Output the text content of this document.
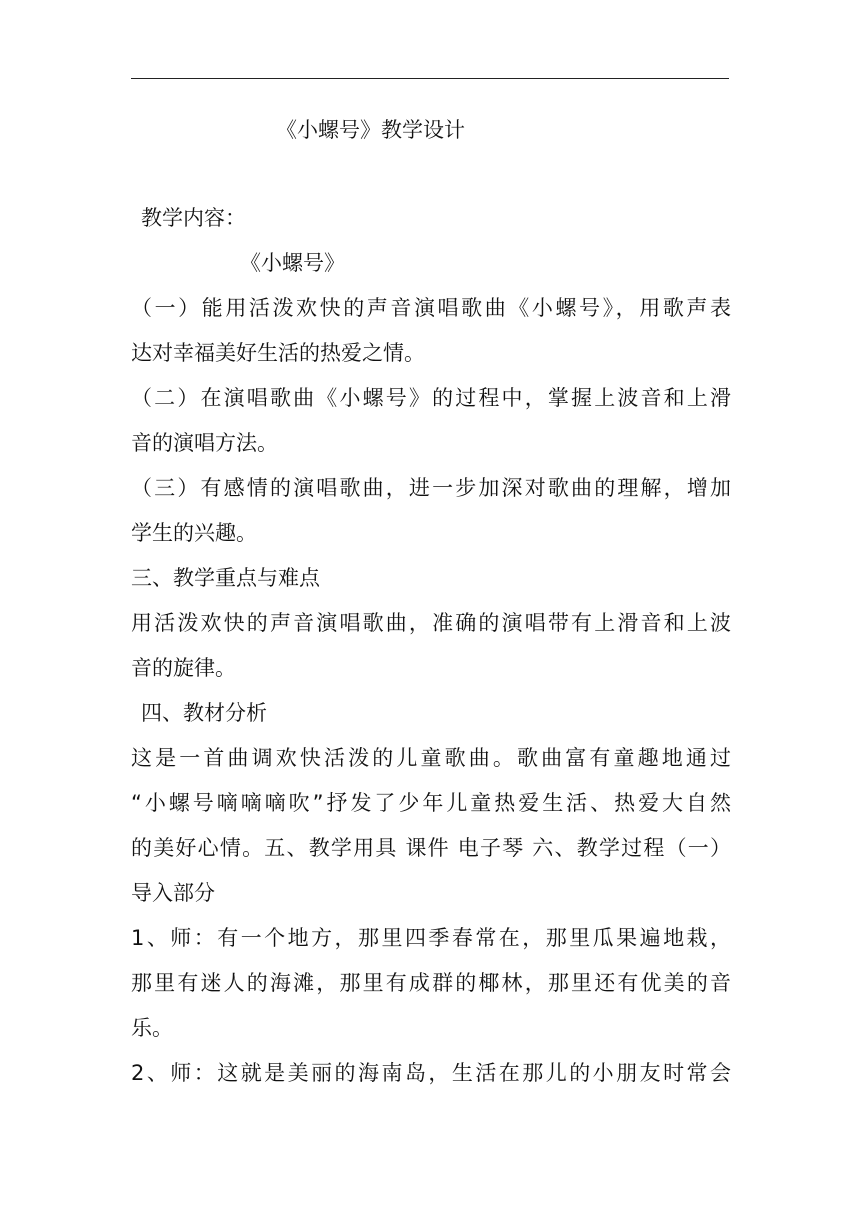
《小螺号》教学设计
教学内容：
《小螺号》
（一）能用活泼欢快的声音演唱歌曲《小螺号》，用歌声表
达对幸福美好生活的热爱之情。
（二）在演唱歌曲《小螺号》的过程中，掌握上波音和上滑
音的演唱方法。
（三）有感情的演唱歌曲，进一步加深对歌曲的理解，增加
学生的兴趣。
三、教学重点与难点
用活泼欢快的声音演唱歌曲，准确的演唱带有上滑音和上波
音的旋律。
四、教材分析
这是一首曲调欢快活泼的儿童歌曲。歌曲富有童趣地通过
“小螺号嘀嘀嘀吹”抒发了少年儿童热爱生活、热爱大自然
的美好心情。五、教学用具 课件 电子琴 六、教学过程（一）
导入部分
1、师：有一个地方，那里四季春常在，那里瓜果遍地栽，
那里有迷人的海滩，那里有成群的椰林，那里还有优美的音
乐。
2、师：这就是美丽的海南岛，生活在那儿的小朋友时常会
